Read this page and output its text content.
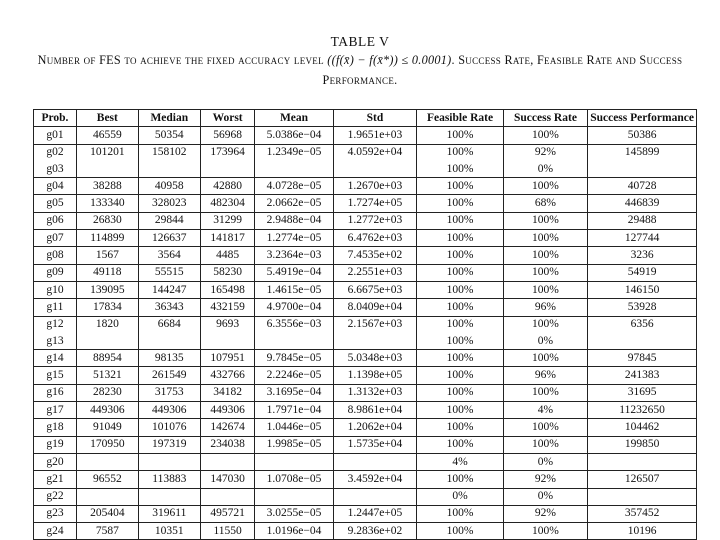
TABLE V
Number of FES to achieve the fixed accuracy level ((f(x̄) − f(x̄*)) ≤ 0.0001). Success Rate, Feasible Rate and Success
Performance.
Prob.	Best	Median	Worst	Mean	Std	Feasible Rate	Success Rate	Success Performance
g01	46559	50354	56968	5.0386e−04	1.9651e+03	100%	100%	50386
g02	101201	158102	173964	1.2349e−05	4.0592e+04	100%	92%	145899
g03						100%	0%	
g04	38288	40958	42880	4.0728e−05	1.2670e+03	100%	100%	40728
g05	133340	328023	482304	2.0662e−05	1.7274e+05	100%	68%	446839
g06	26830	29844	31299	2.9488e−04	1.2772e+03	100%	100%	29488
g07	114899	126637	141817	1.2774e−05	6.4762e+03	100%	100%	127744
g08	1567	3564	4485	3.2364e−03	7.4535e+02	100%	100%	3236
g09	49118	55515	58230	5.4919e−04	2.2551e+03	100%	100%	54919
g10	139095	144247	165498	1.4615e−05	6.6675e+03	100%	100%	146150
g11	17834	36343	432159	4.9700e−04	8.0409e+04	100%	96%	53928
g12	1820	6684	9693	6.3556e−03	2.1567e+03	100%	100%	6356
g13						100%	0%	
g14	88954	98135	107951	9.7845e−05	5.0348e+03	100%	100%	97845
g15	51321	261549	432766	2.2246e−05	1.1398e+05	100%	96%	241383
g16	28230	31753	34182	3.1695e−04	1.3132e+03	100%	100%	31695
g17	449306	449306	449306	1.7971e−04	8.9861e+04	100%	4%	11232650
g18	91049	101076	142674	1.0446e−05	1.2062e+04	100%	100%	104462
g19	170950	197319	234038	1.9985e−05	1.5735e+04	100%	100%	199850
g20						4%	0%	
g21	96552	113883	147030	1.0708e−05	3.4592e+04	100%	92%	126507
g22						0%	0%	
g23	205404	319611	495721	3.0255e−05	1.2447e+05	100%	92%	357452
g24	7587	10351	11550	1.0196e−04	9.2836e+02	100%	100%	10196
